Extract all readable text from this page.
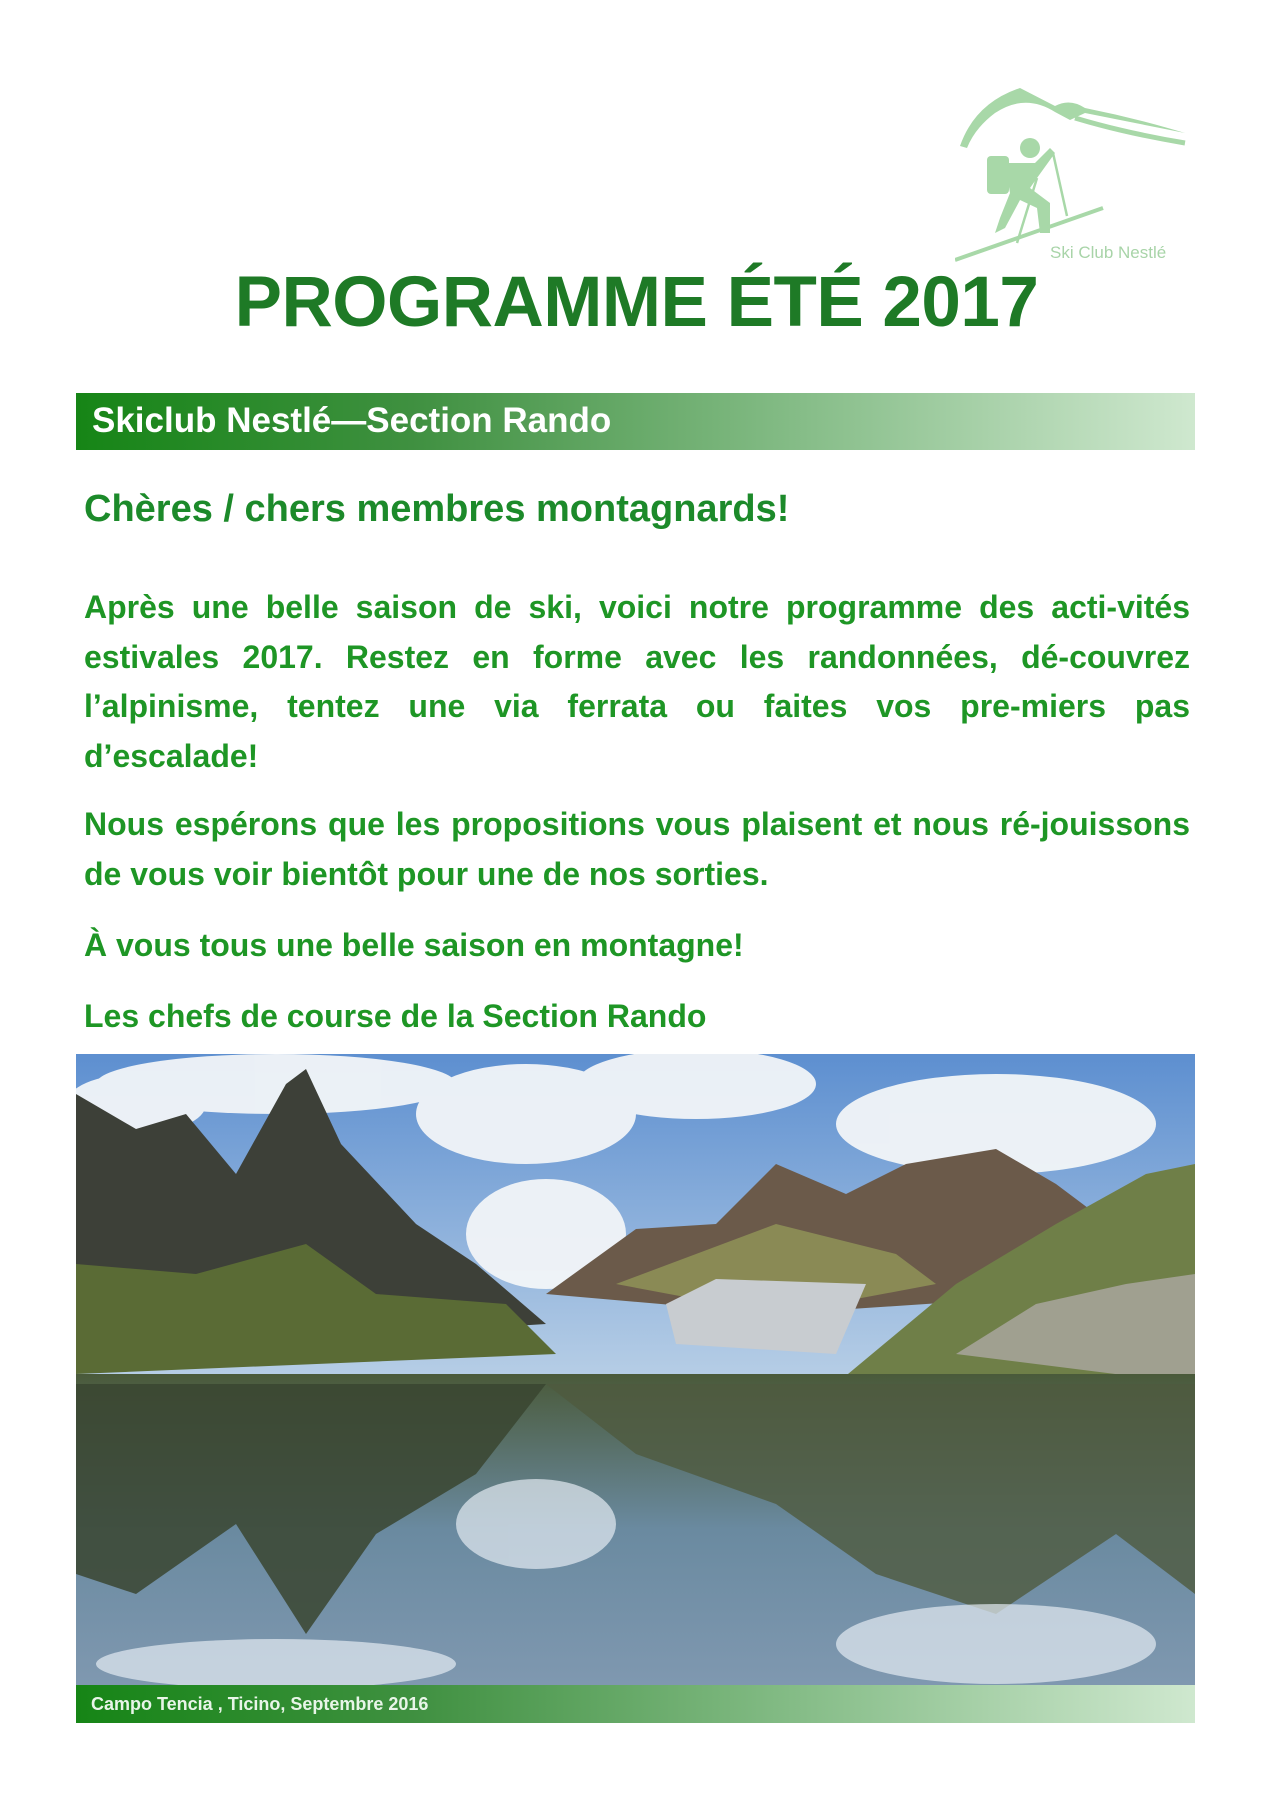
Ski Club Nestlé
PROGRAMME ÉTÉ 2017
Skiclub Nestlé—Section Rando
Chères / chers membres montagnards!
Après une belle saison de ski, voici notre programme des acti-vités estivales 2017. Restez en forme avec les randonnées, dé-couvrez l’alpinisme, tentez une via ferrata ou faites vos pre-miers pas d’escalade!
Nous espérons que les propositions vous plaisent et nous ré-jouissons de vous voir bientôt pour une de nos sorties.
À vous tous une belle saison en montagne!
Les chefs de course de la Section Rando
Campo Tencia , Ticino, Septembre 2016
